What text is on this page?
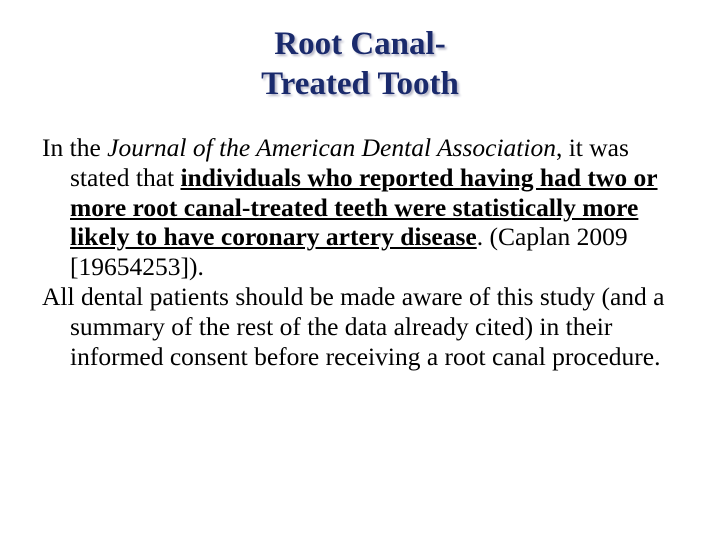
Root Canal-
Treated Tooth

In the Journal of the American Dental Association, it was stated that individuals who reported having had two or more root canal-treated teeth were statistically more likely to have coronary artery disease. (Caplan 2009 [19654253]).

All dental patients should be made aware of this study (and a summary of the rest of the data already cited) in their informed consent before receiving a root canal procedure.
